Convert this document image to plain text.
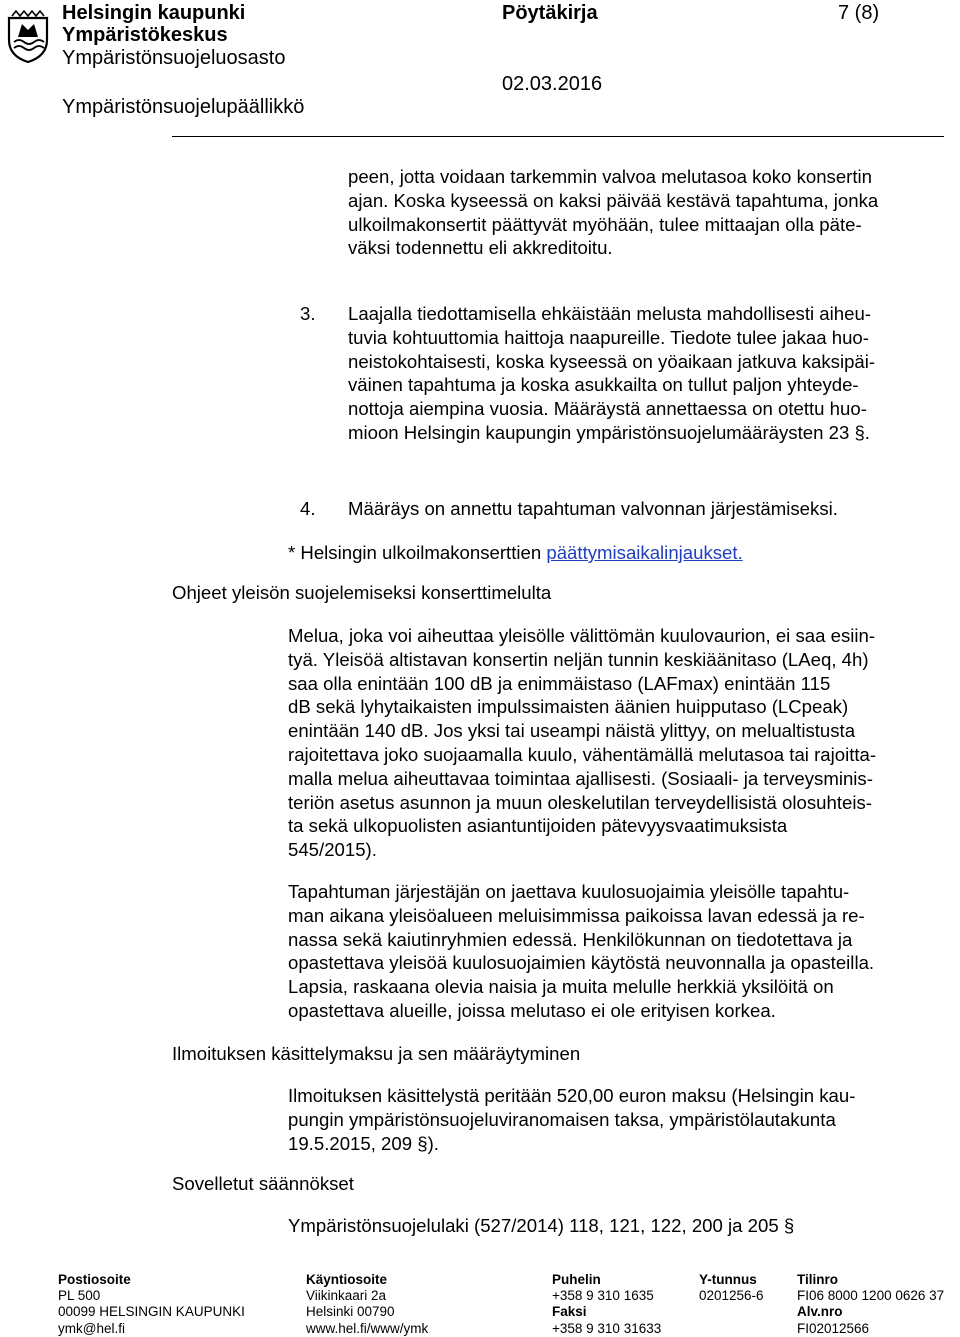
Helsingin kaupunki
Ympäristökeskus
Ympäristönsuojeluosasto
Pöytäkirja	7 (8)
02.03.2016
Ympäristönsuojelupäällikkö
peen, jotta voidaan tarkemmin valvoa melutasoa koko konsertin
ajan. Koska kyseessä on kaksi päivää kestävä tapahtuma, jonka
ulkoilmakonsertit päättyvät myöhään, tulee mittaajan olla päte-
väksi todennettu eli akkreditoitu.
3. Laajalla tiedottamisella ehkäistään melusta mahdollisesti aiheu-
tuvia kohtuuttomia haittoja naapureille. Tiedote tulee jakaa huo-
neistokohtaisesti, koska kyseessä on yöaikaan jatkuva kaksipäi-
väinen tapahtuma ja koska asukkailta on tullut paljon yhteyde-
nottoja aiempina vuosia. Määräystä annettaessa on otettu huo-
mioon Helsingin kaupungin ympäristönsuojelumääräysten 23 §.
4. Määräys on annettu tapahtuman valvonnan järjestämiseksi.
* Helsingin ulkoilmakonserttien päättymisaikalinjaukset.
Ohjeet yleisön suojelemiseksi konserttimelulta
Melua, joka voi aiheuttaa yleisölle välittömän kuulovaurion, ei saa esiin-
tyä. Yleisöä altistavan konsertin neljän tunnin keskiäänitaso (LAeq, 4h)
saa olla enintään 100 dB ja enimmäistaso (LAFmax) enintään 115
dB sekä lyhytaikaisten impulssimaisten äänien huipputaso (LCpeak)
enintään 140 dB. Jos yksi tai useampi näistä ylittyy, on melualtistusta
rajoitettava joko suojaamalla kuulo, vähentämällä melutasoa tai rajoitta-
malla melua aiheuttavaa toimintaa ajallisesti. (Sosiaali- ja terveysminis-
teriön asetus asunnon ja muun oleskelutilan terveydellisistä olosuhteis-
ta sekä ulkopuolisten asiantuntijoiden pätevyysvaatimuksista
545/2015).
Tapahtuman järjestäjän on jaettava kuulosuojaimia yleisölle tapahtu-
man aikana yleisöalueen meluisimmissa paikoissa lavan edessä ja re-
nassa sekä kaiutinryhmien edessä. Henkilökunnan on tiedotettava ja
opastettava yleisöä kuulosuojaimien käytöstä neuvonnalla ja opasteilla.
Lapsia, raskaana olevia naisia ja muita melulle herkkiä yksilöitä on
opastettava alueille, joissa melutaso ei ole erityisen korkea.
Ilmoituksen käsittelymaksu ja sen määräytyminen
Ilmoituksen käsittelystä peritään 520,00 euron maksu (Helsingin kau-
pungin ympäristönsuojeluviranomaisen taksa, ympäristölautakunta
19.5.2015, 209 §).
Sovelletut säännökset
Ympäristönsuojelulaki (527/2014) 118, 121, 122, 200 ja 205 §
Postiosoite
PL 500
00099 HELSINGIN KAUPUNKI
ymk@hel.fi
Käyntiosoite
Viikinkaari 2a
Helsinki 00790
www.hel.fi/www/ymk
Puhelin
+358 9 310 1635
Faksi
+358 9 310 31633
Y-tunnus
0201256-6
Tilinro
FI06 8000 1200 0626 37
Alv.nro
FI02012566
